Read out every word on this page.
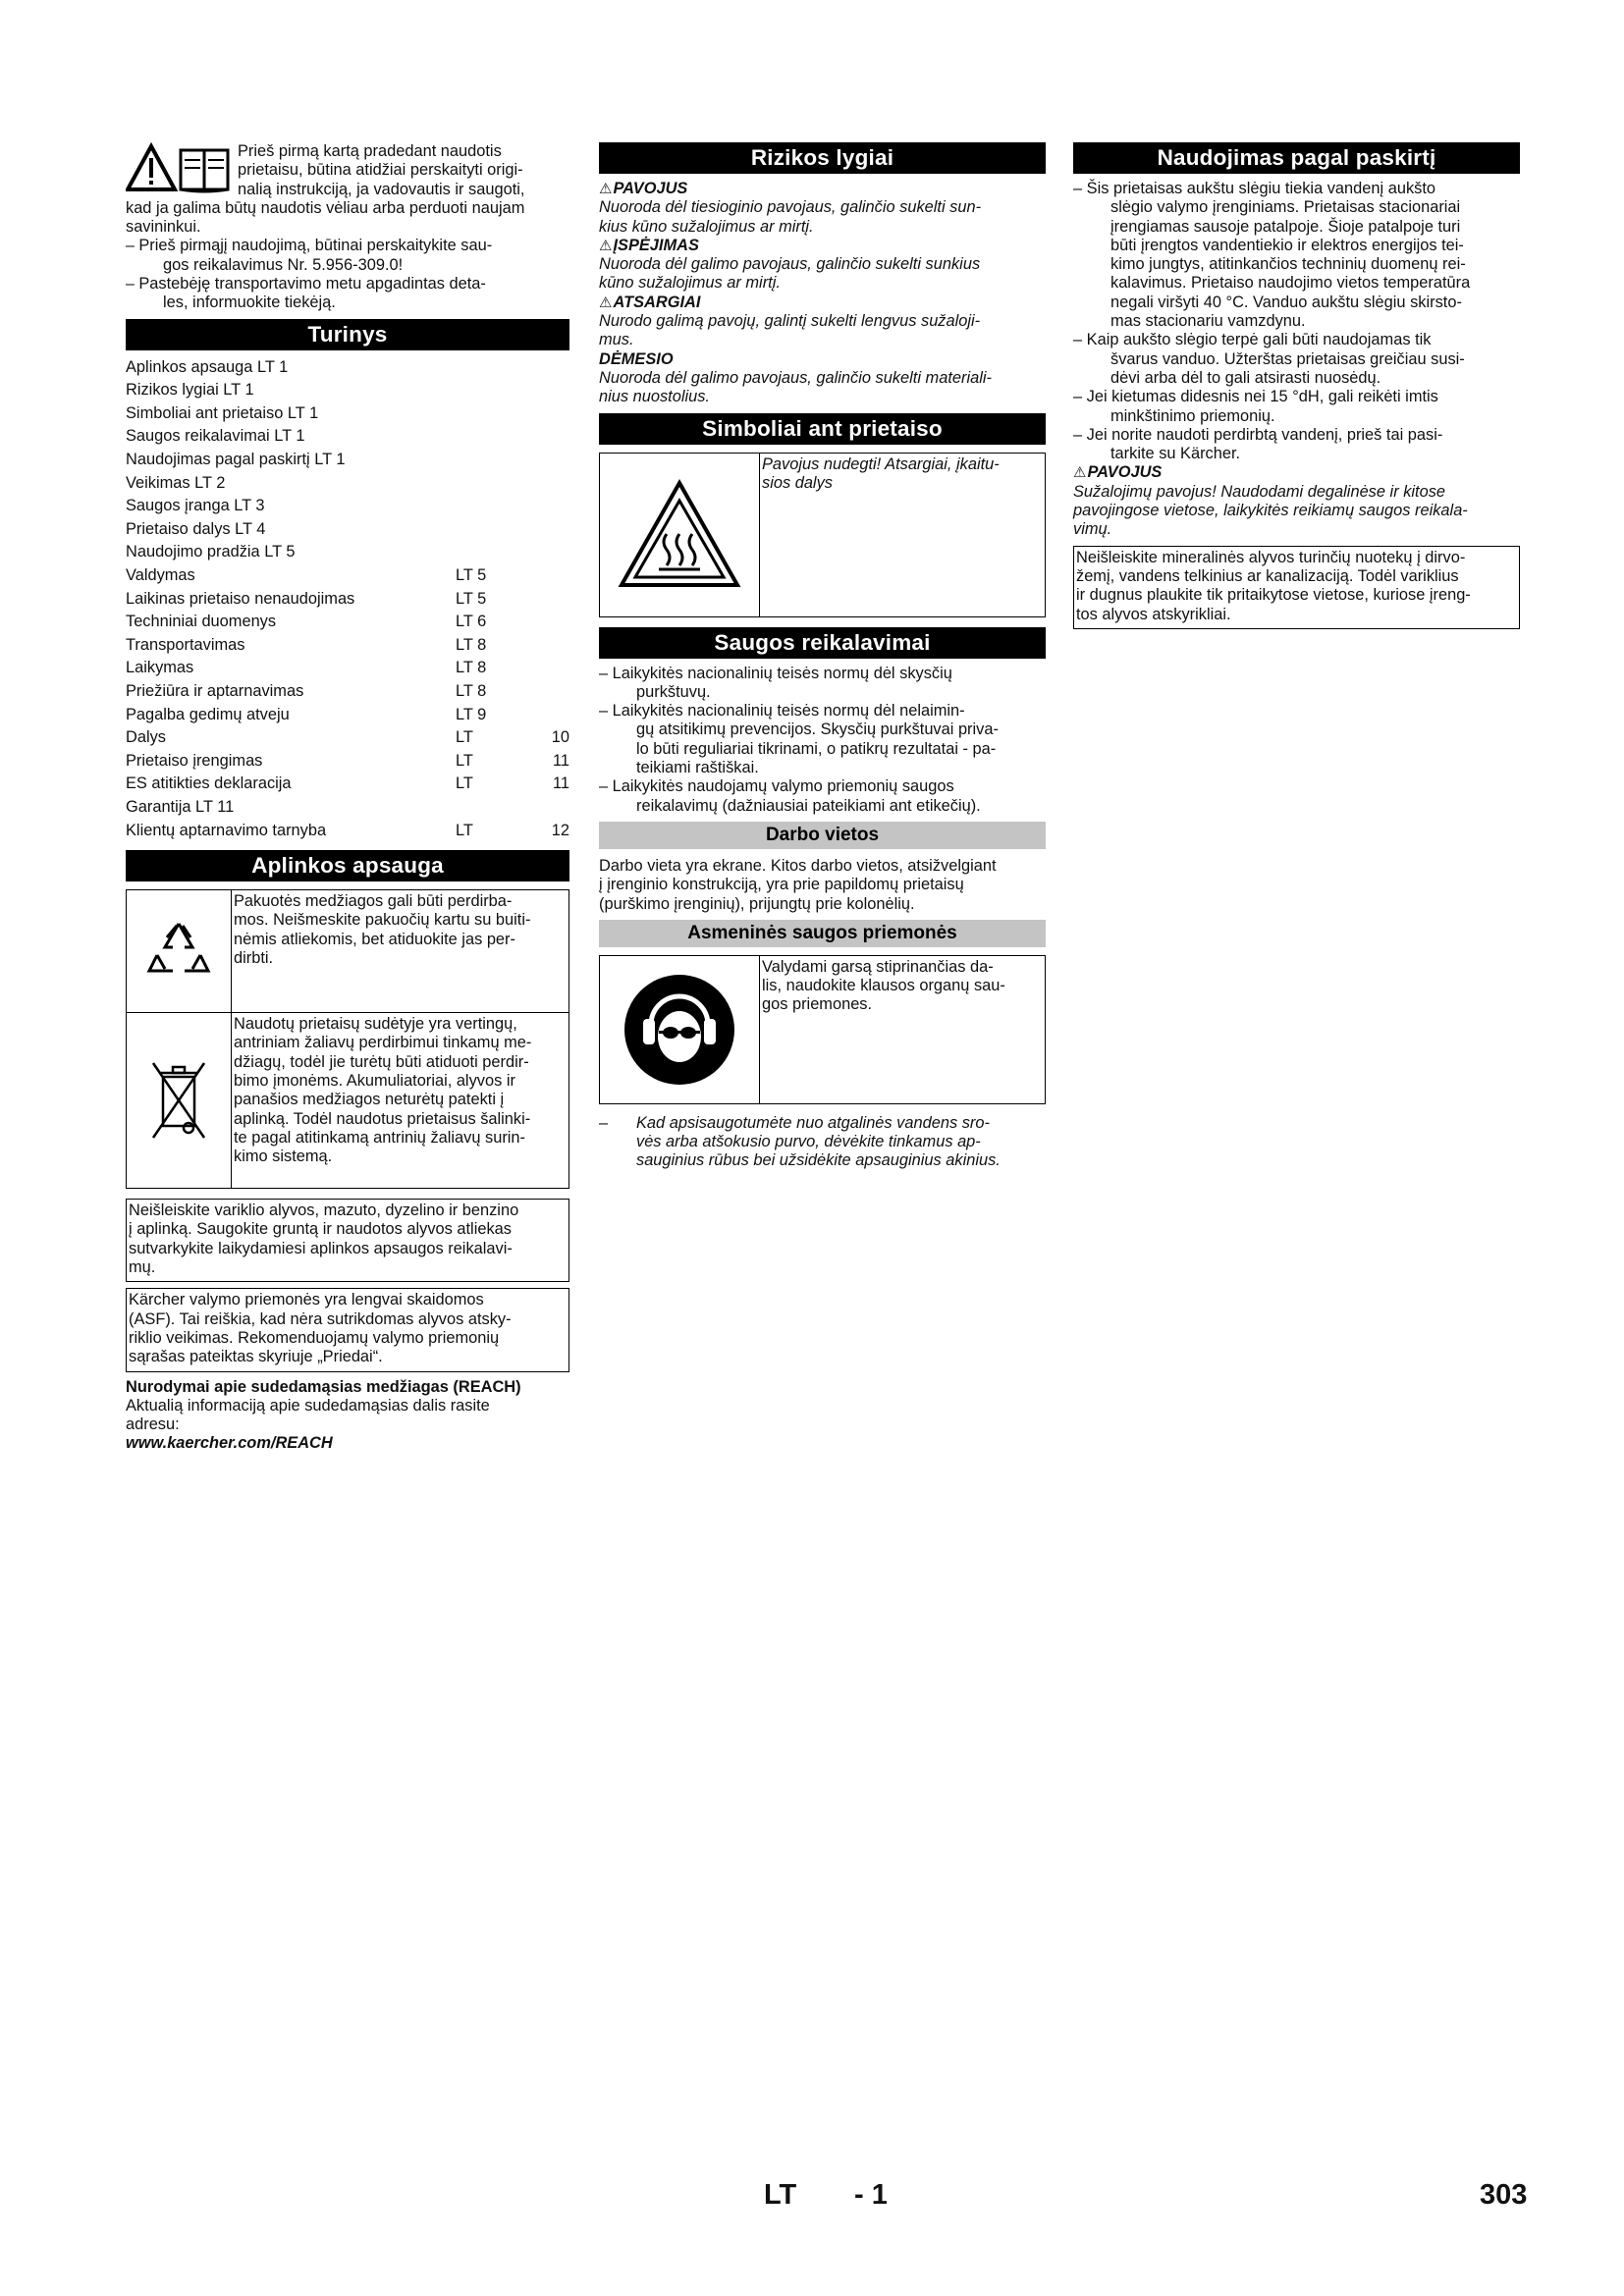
Prieš pirmą kartą pradedant naudotis

prietaisu, būtina atidžiai perskaityti origi-

nalią instrukciją, ja vadovautis ir saugoti,

kad ja galima būtų naudotis vėliau arba perduoti naujam

savininkui.

–

Prieš pirmąjį naudojimą, būtinai perskaitykite sau-

gos reikalavimus Nr. 5.956-309.0!

–

Pastebėję transportavimo metu apgadintas deta-

les, informuokite tiekėją.

Turinys
Aplinkos apsauga LT 1
Rizikos lygiai LT 1
Simboliai ant prietaiso LT 1
Saugos reikalavimai LT 1
Naudojimas pagal paskirtį LT 1
Veikimas LT 2
Saugos įranga LT 3
Prietaiso dalys LT 4
Naudojimo pradžia LT 5
Valdymas	LT 5
Laikinas prietaiso nenaudojimas	LT 5
Techniniai duomenys	LT 6
Transportavimas	LT 8
Laikymas	LT 8
Priežiūra ir aptarnavimas	LT 8
Pagalba gedimų atveju	LT 9
Dalys	LT	10
Prietaiso įrengimas	LT	11
ES atitikties deklaracija	LT	11
Garantija LT 11
Klientų aptarnavimo tarnyba	LT	12
Aplinkos apsauga

Pakuotės medžiagos gali būti perdirba-

mos. Neišmeskite pakuočių kartu su buiti-

nėmis atliekomis, bet atiduokite jas per-

dirbti.

Naudotų prietaisų sudėtyje yra vertingų,

antriniam žaliavų perdirbimui tinkamų me-

džiagų, todėl jie turėtų būti atiduoti perdir-

bimo įmonėms. Akumuliatoriai, alyvos ir

panašios medžiagos neturėtų patekti į

aplinką. Todėl naudotus prietaisus šalinki-

te pagal atitinkamą antrinių žaliavų surin-

kimo sistemą.

Neišleiskite variklio alyvos, mazuto, dyzelino ir benzino

į aplinką. Saugokite gruntą ir naudotos alyvos atliekas

sutvarkykite laikydamiesi aplinkos apsaugos reikalavi-

mų.

Kärcher valymo priemonės yra lengvai skaidomos

(ASF). Tai reiškia, kad nėra sutrikdomas alyvos atsky-

riklio veikimas. Rekomenduojamų valymo priemonių

sąrašas pateiktas skyriuje „Priedai“.

Nurodymai apie sudedamąsias medžiagas (REACH)

Aktualią informaciją apie sudedamąsias dalis rasite

adresu:

www.kaercher.com/REACH

Rizikos lygiai

⚠PAVOJUS

Nuoroda dėl tiesioginio pavojaus, galinčio sukelti sun-

kius kūno sužalojimus ar mirtį.

⚠ĮSPĖJIMAS

Nuoroda dėl galimo pavojaus, galinčio sukelti sunkius

kūno sužalojimus ar mirtį.

⚠ATSARGIAI

Nurodo galimą pavojų, galintį sukelti lengvus sužaloji-

mus.

DĖMESIO

Nuoroda dėl galimo pavojaus, galinčio sukelti materiali-

nius nuostolius.

Simboliai ant prietaiso

Pavojus nudegti! Atsargiai, įkaitu-

sios dalys

Saugos reikalavimai
– Laikykitės nacionalinių teisės normų dėl skysčių
purkštuvų.
– Laikykitės nacionalinių teisės normų dėl nelaimin-
gų atsitikimų prevencijos. Skysčių purkštuvai priva-
lo būti reguliariai tikrinami, o patikrų rezultatai - pa-
teikiami raštiškai.
– Laikykitės naudojamų valymo priemonių saugos
reikalavimų (dažniausiai pateikiami ant etikečių).
Darbo vietos

Darbo vieta yra ekrane. Kitos darbo vietos, atsižvelgiant

į įrenginio konstrukciją, yra prie papildomų prietaisų

(purškimo įrenginių), prijungtų prie kolonėlių.

Asmeninės saugos priemonės

Valydami garsą stiprinančias da-

lis, naudokite klausos organų sau-

gos priemones.

–	Kad apsisaugotumėte nuo atgalinės vandens sro-

vės arba atšokusio purvo, dėvėkite tinkamus ap-

sauginius rūbus bei užsidėkite apsauginius akinius.

Naudojimas pagal paskirtį
– Šis prietaisas aukštu slėgiu tiekia vandenį aukšto
slėgio valymo įrenginiams. Prietaisas stacionariai
įrengiamas sausoje patalpoje. Šioje patalpoje turi
būti įrengtos vandentiekio ir elektros energijos tei-
kimo jungtys, atitinkančios techninių duomenų rei-
kalavimus. Prietaiso naudojimo vietos temperatūra
negali viršyti 40 °C. Vanduo aukštu slėgiu skirsto-
mas stacionariu vamzdynu.
– Kaip aukšto slėgio terpė gali būti naudojamas tik
švarus vanduo. Užterštas prietaisas greičiau susi-
dėvi arba dėl to gali atsirasti nuosėdų.
– Jei kietumas didesnis nei 15 °dH, gali reikėti imtis
minkštinimo priemonių.
– Jei norite naudoti perdirbtą vandenį, prieš tai pasi-
tarkite su Kärcher.

⚠PAVOJUS

Sužalojimų pavojus! Naudodami degalinėse ir kitose

pavojingose vietose, laikykitės reikiamų saugos reikala-

vimų.

Neišleiskite mineralinės alyvos turinčių nuotekų į dirvo-

žemį, vandens telkinius ar kanalizaciją. Todėl variklius

ir dugnus plaukite tik pritaikytose vietose, kuriose įreng-

tos alyvos atskyrikliai.

LT - 1	303
